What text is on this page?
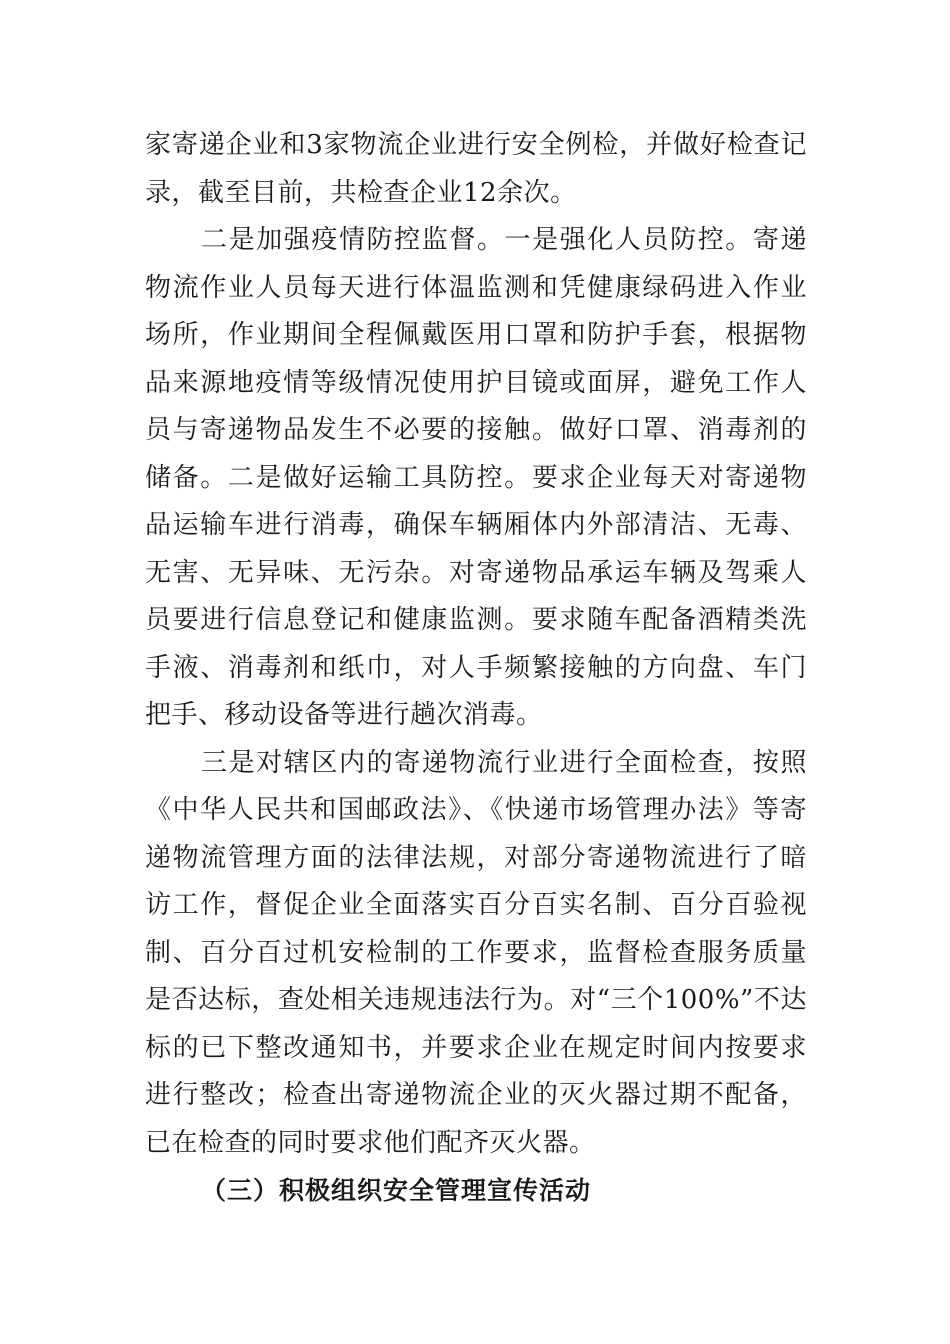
家寄递企业和3家物流企业进行安全例检，并做好检查记录，截至目前，共检查企业12余次。

二是加强疫情防控监督。一是强化人员防控。寄递物流作业人员每天进行体温监测和凭健康绿码进入作业场所，作业期间全程佩戴医用口罩和防护手套，根据物品来源地疫情等级情况使用护目镜或面屏，避免工作人员与寄递物品发生不必要的接触。做好口罩、消毒剂的储备。二是做好运输工具防控。要求企业每天对寄递物品运输车进行消毒，确保车辆厢体内外部清洁、无毒、无害、无异味、无污杂。对寄递物品承运车辆及驾乘人员要进行信息登记和健康监测。要求随车配备酒精类洗手液、消毒剂和纸巾，对人手频繁接触的方向盘、车门把手、移动设备等进行趟次消毒。

三是对辖区内的寄递物流行业进行全面检查，按照《中华人民共和国邮政法》、《快递市场管理办法》等寄递物流管理方面的法律法规，对部分寄递物流进行了暗访工作，督促企业全面落实百分百实名制、百分百验视制、百分百过机安检制的工作要求，监督检查服务质量是否达标，查处相关违规违法行为。对“三个100%”不达标的已下整改通知书，并要求企业在规定时间内按要求进行整改；检查出寄递物流企业的灭火器过期不配备，已在检查的同时要求他们配齐灭火器。

（三）积极组织安全管理宣传活动
